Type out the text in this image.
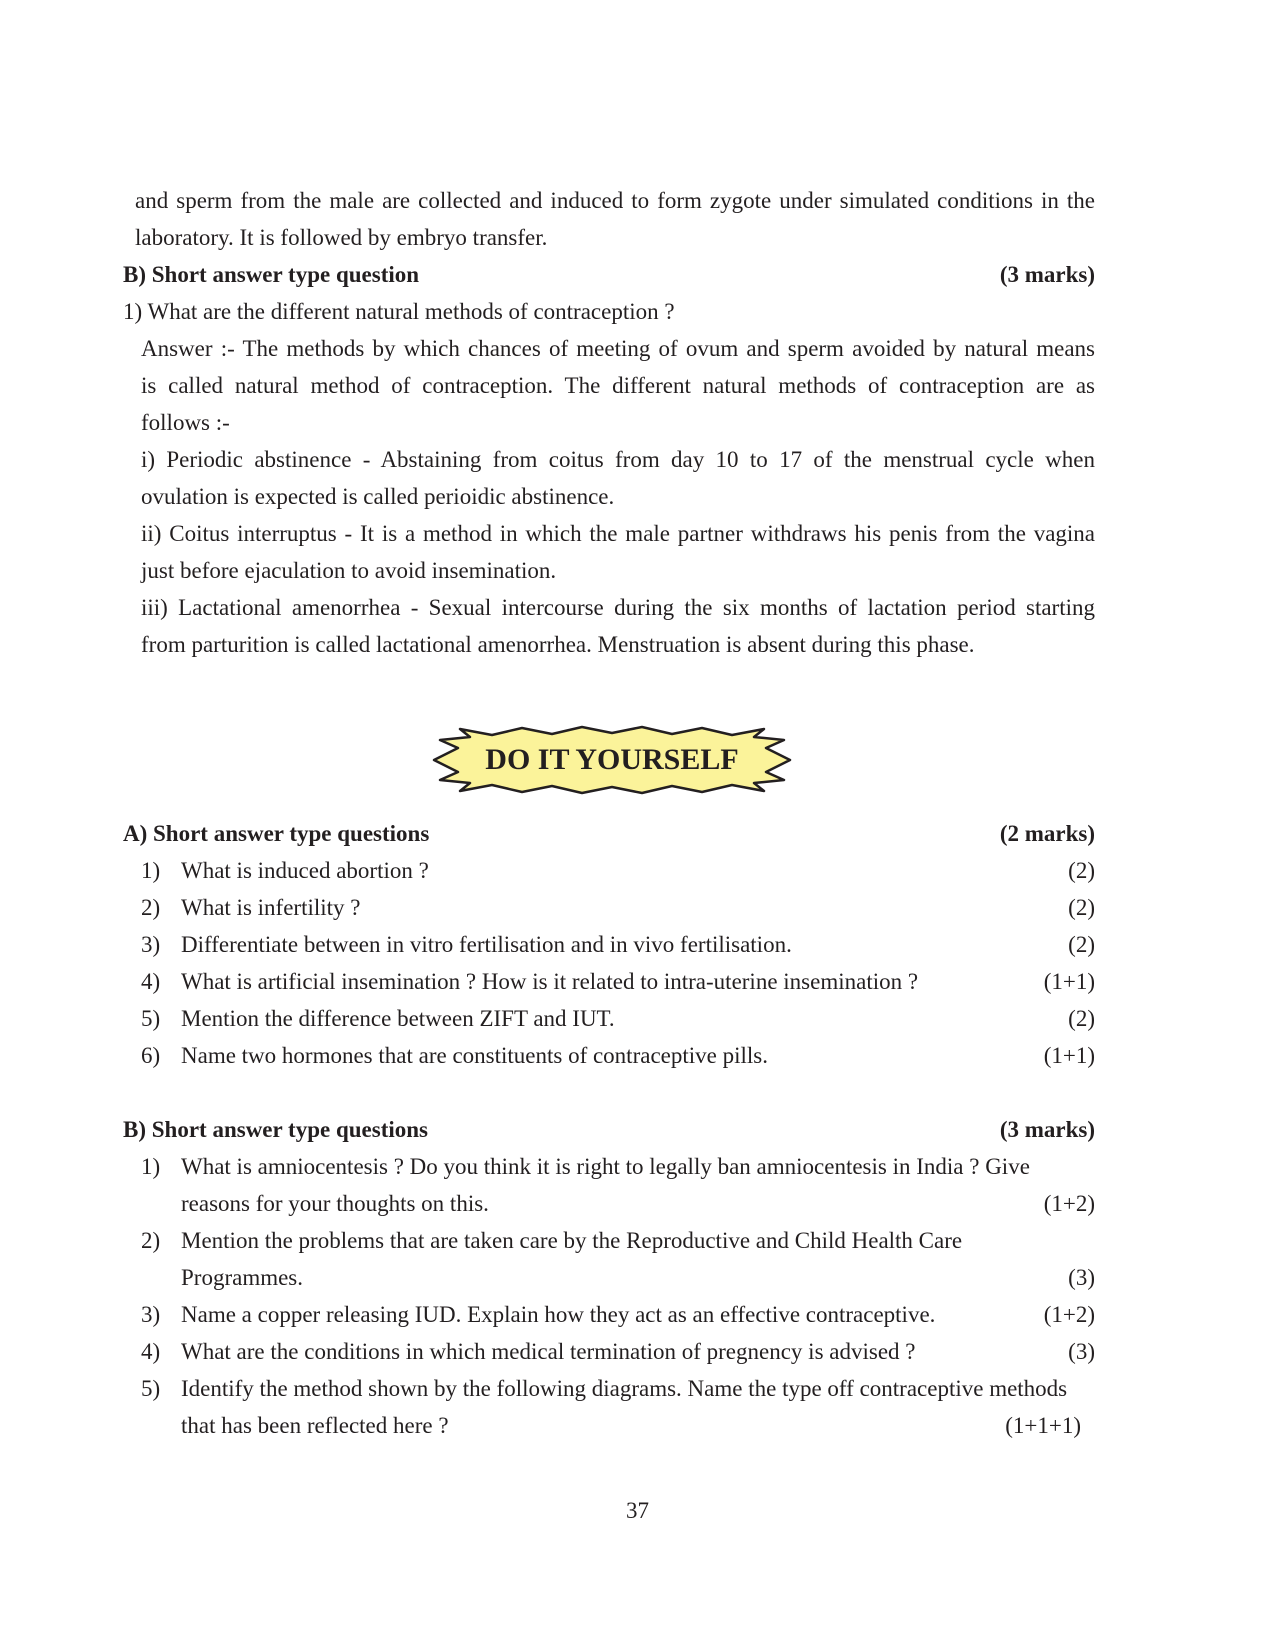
and sperm from the male are collected and induced to form zygote under simulated conditions in the
laboratory. It is followed by embryo transfer.
B) Short answer type question	(3 marks)
1) What are the different natural methods of contraception ?
Answer :- The methods by which chances of meeting of ovum and sperm avoided by natural means
is called natural method of contraception. The different natural methods of contraception are as
follows :-
i) Periodic abstinence - Abstaining from coitus from day 10 to 17 of the menstrual cycle when
ovulation is expected is called perioidic abstinence.
ii) Coitus interruptus - It is a method in which the male partner withdraws his penis from the vagina
just before ejaculation to avoid insemination.
iii) Lactational amenorrhea - Sexual intercourse during the six months of lactation period starting
from parturition is called lactational amenorrhea. Menstruation is absent during this phase.
DO IT YOURSELF
A) Short answer type questions	(2 marks)
1) What is induced abortion ?	(2)
2) What is infertility ?	(2)
3) Differentiate between in vitro fertilisation and in vivo fertilisation.	(2)
4) What is artificial insemination ? How is it related to intra-uterine insemination ?	(1+1)
5) Mention the difference between ZIFT and IUT.	(2)
6) Name two hormones that are constituents of contraceptive pills.	(1+1)
B) Short answer type questions	(3 marks)
1) What is amniocentesis ? Do you think it is right to legally ban amniocentesis in India ? Give
reasons for your thoughts on this.	(1+2)
2) Mention the problems that are taken care by the Reproductive and Child Health Care
Programmes.	(3)
3) Name a copper releasing IUD. Explain how they act as an effective contraceptive.	(1+2)
4) What are the conditions in which medical termination of pregnency is advised ?	(3)
5) Identify the method shown by the following diagrams. Name the type off contraceptive methods
that has been reflected here ?	(1+1+1)
37
